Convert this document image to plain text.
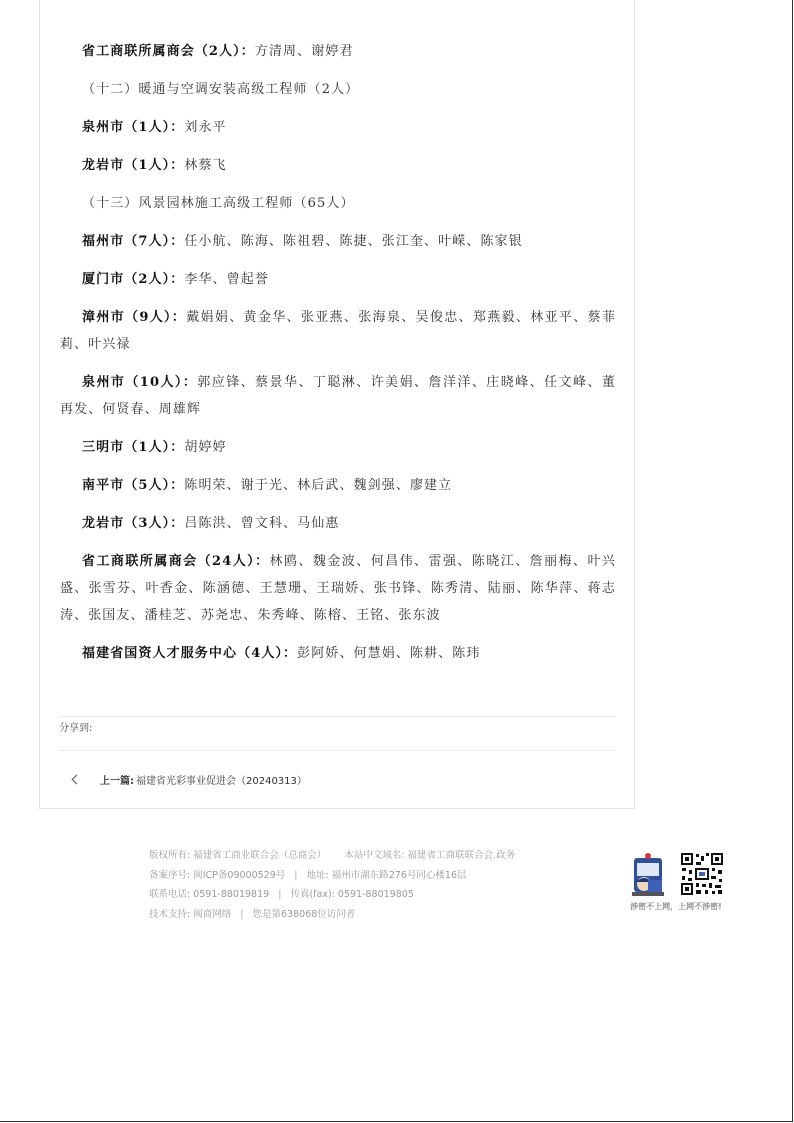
省工商联所属商会（2人）：方清周、谢婷君

（十二）暖通与空调安装高级工程师（2人）

泉州市（1人）：刘永平

龙岩市（1人）：林蔡飞

（十三）风景园林施工高级工程师（65人）

福州市（7人）：任小航、陈海、陈祖碧、陈捷、张江奎、叶嵘、陈家银

厦门市（2人）：李华、曾起誉

漳州市（9人）：戴娟娟、黄金华、张亚燕、张海泉、吴俊忠、郑燕毅、林亚平、蔡菲莉、叶兴禄

泉州市（10人）：郭应锋、蔡景华、丁聪淋、许美娟、詹洋洋、庄晓峰、任文峰、董再发、何贤春、周雄辉

三明市（1人）：胡婷婷

南平市（5人）：陈明荣、谢于光、林后武、魏剑强、廖建立

龙岩市（3人）：吕陈洪、曾文科、马仙惠

省工商联所属商会（24人）：林鸥、魏金波、何昌伟、雷强、陈晓江、詹丽梅、叶兴盛、张雪芬、叶香金、陈涵德、王慧珊、王瑞娇、张书锋、陈秀清、陆丽、陈华萍、蒋志涛、张国友、潘桂芝、苏尧忠、朱秀峰、陈榕、王铭、张东波

福建省国资人才服务中心（4人）：彭阿娇、何慧娟、陈耕、陈玮

分享到:
上一篇: 福建省光彩事业促进会（20240313）
版权所有: 福建省工商业联合会（总商会） 本站中文域名: 福建省工商联联合会.政务
备案序号: 闽ICP备09000529号 | 地址: 福州市湖东路276号同心楼16层
联系电话: 0591-88019819 | 传真(fax): 0591-88019805
技术支持: 闽商网络 | 您是第638068位访问者
涉密不上网，上网不涉密!
